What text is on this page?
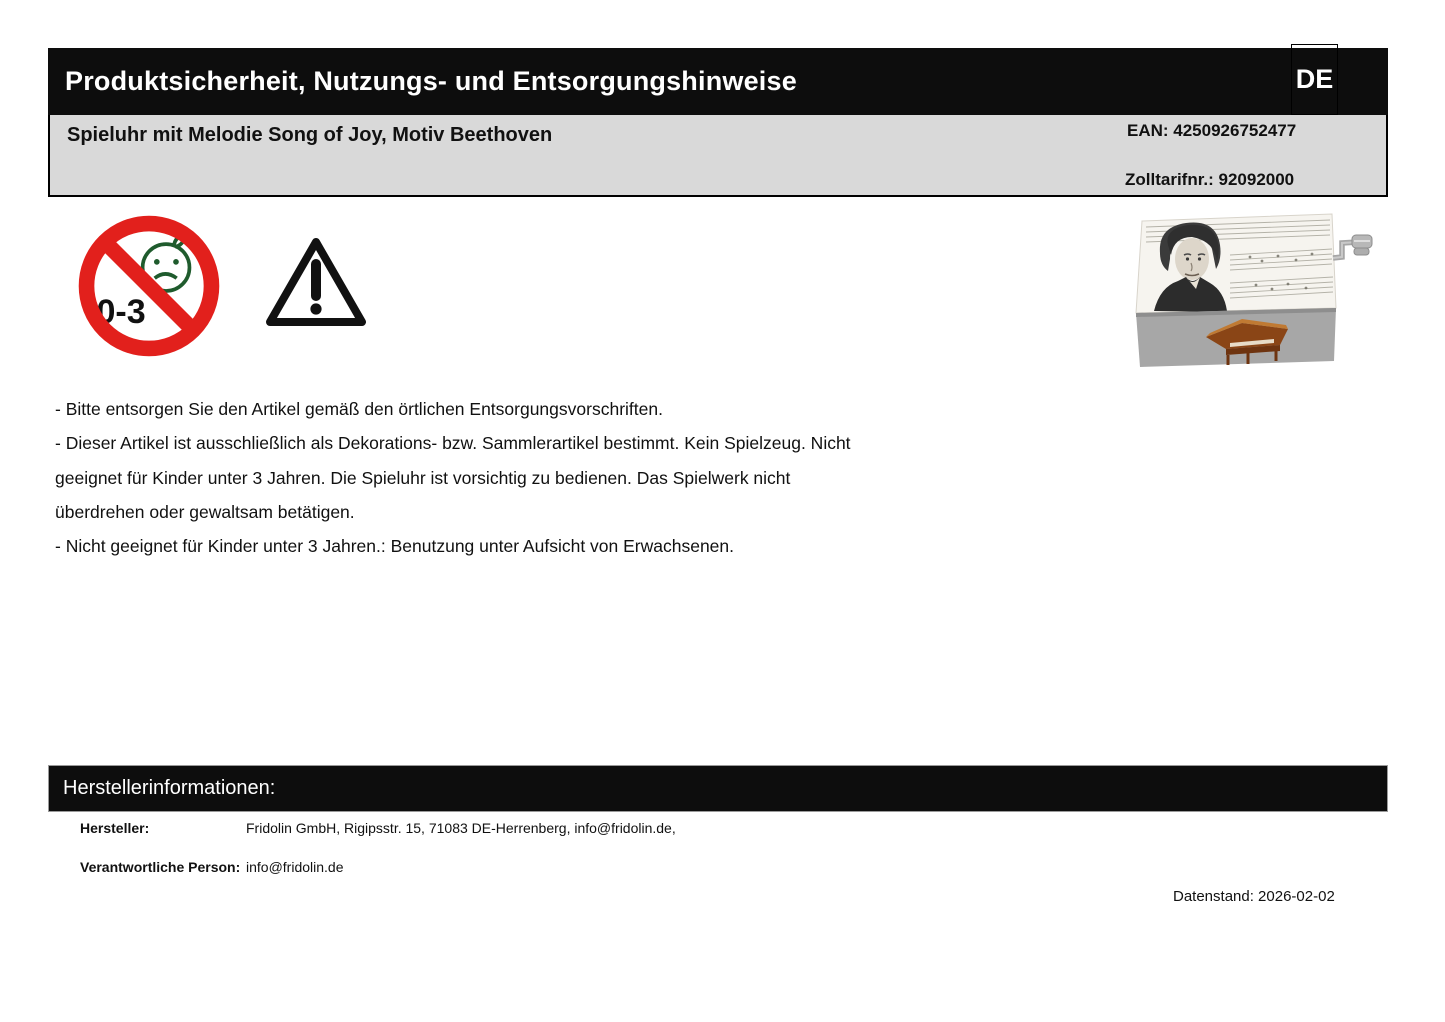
Produktsicherheit, Nutzungs- und Entsorgungshinweise	DE
Spieluhr mit Melodie Song of Joy, Motiv Beethoven	EAN: 4250926752477
Zolltarifnr.: 92092000
0-3
- Bitte entsorgen Sie den Artikel gemäß den örtlichen Entsorgungsvorschriften.
- Dieser Artikel ist ausschließlich als Dekorations- bzw. Sammlerartikel bestimmt. Kein Spielzeug. Nicht
geeignet für Kinder unter 3 Jahren. Die Spieluhr ist vorsichtig zu bedienen. Das Spielwerk nicht
überdrehen oder gewaltsam betätigen.
- Nicht geeignet für Kinder unter 3 Jahren.: Benutzung unter Aufsicht von Erwachsenen.
Herstellerinformationen:
Hersteller:	Fridolin GmbH, Rigipsstr. 15, 71083 DE-Herrenberg, info@fridolin.de,
Verantwortliche Person: info@fridolin.de
Datenstand: 2026-02-02
